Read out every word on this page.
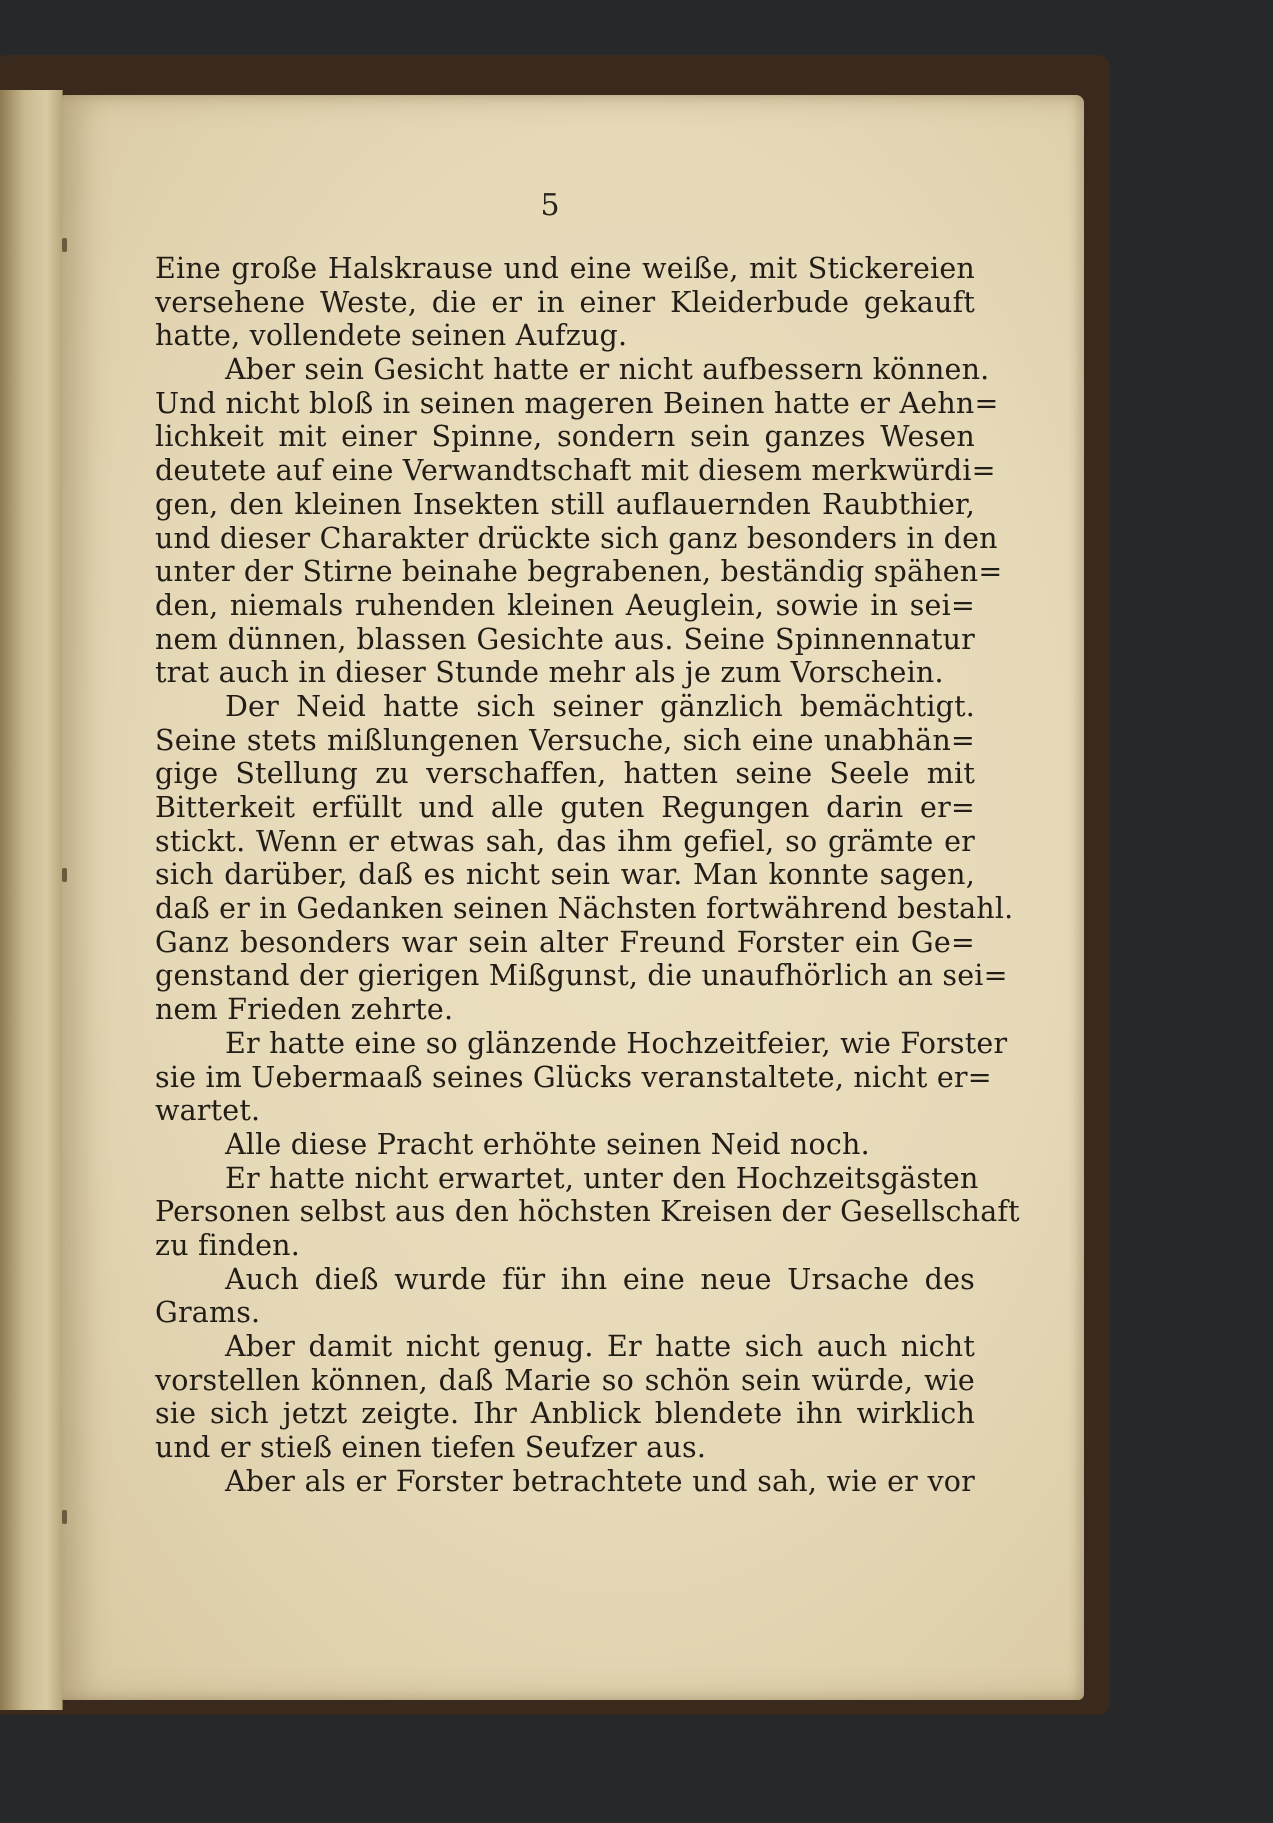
5
Eine große Halskrause und eine weiße, mit Stickereien
versehene Weste, die er in einer Kleiderbude gekauft
hatte, vollendete seinen Aufzug.
Aber sein Gesicht hatte er nicht aufbessern können.
Und nicht bloß in seinen mageren Beinen hatte er Aehn=
lichkeit mit einer Spinne, sondern sein ganzes Wesen
deutete auf eine Verwandtschaft mit diesem merkwürdi=
gen, den kleinen Insekten still auflauernden Raubthier,
und dieser Charakter drückte sich ganz besonders in den
unter der Stirne beinahe begrabenen, beständig spähen=
den, niemals ruhenden kleinen Aeuglein, sowie in sei=
nem dünnen, blassen Gesichte aus. Seine Spinnennatur
trat auch in dieser Stunde mehr als je zum Vorschein.
Der Neid hatte sich seiner gänzlich bemächtigt.
Seine stets mißlungenen Versuche, sich eine unabhän=
gige Stellung zu verschaffen, hatten seine Seele mit
Bitterkeit erfüllt und alle guten Regungen darin er=
stickt. Wenn er etwas sah, das ihm gefiel, so grämte er
sich darüber, daß es nicht sein war. Man konnte sagen,
daß er in Gedanken seinen Nächsten fortwährend bestahl.
Ganz besonders war sein alter Freund Forster ein Ge=
genstand der gierigen Mißgunst, die unaufhörlich an sei=
nem Frieden zehrte.
Er hatte eine so glänzende Hochzeitfeier, wie Forster
sie im Uebermaaß seines Glücks veranstaltete, nicht er=
wartet.
Alle diese Pracht erhöhte seinen Neid noch.
Er hatte nicht erwartet, unter den Hochzeitsgästen
Personen selbst aus den höchsten Kreisen der Gesellschaft
zu finden.
Auch dieß wurde für ihn eine neue Ursache des
Grams.
Aber damit nicht genug. Er hatte sich auch nicht
vorstellen können, daß Marie so schön sein würde, wie
sie sich jetzt zeigte. Ihr Anblick blendete ihn wirklich
und er stieß einen tiefen Seufzer aus.
Aber als er Forster betrachtete und sah, wie er vor
